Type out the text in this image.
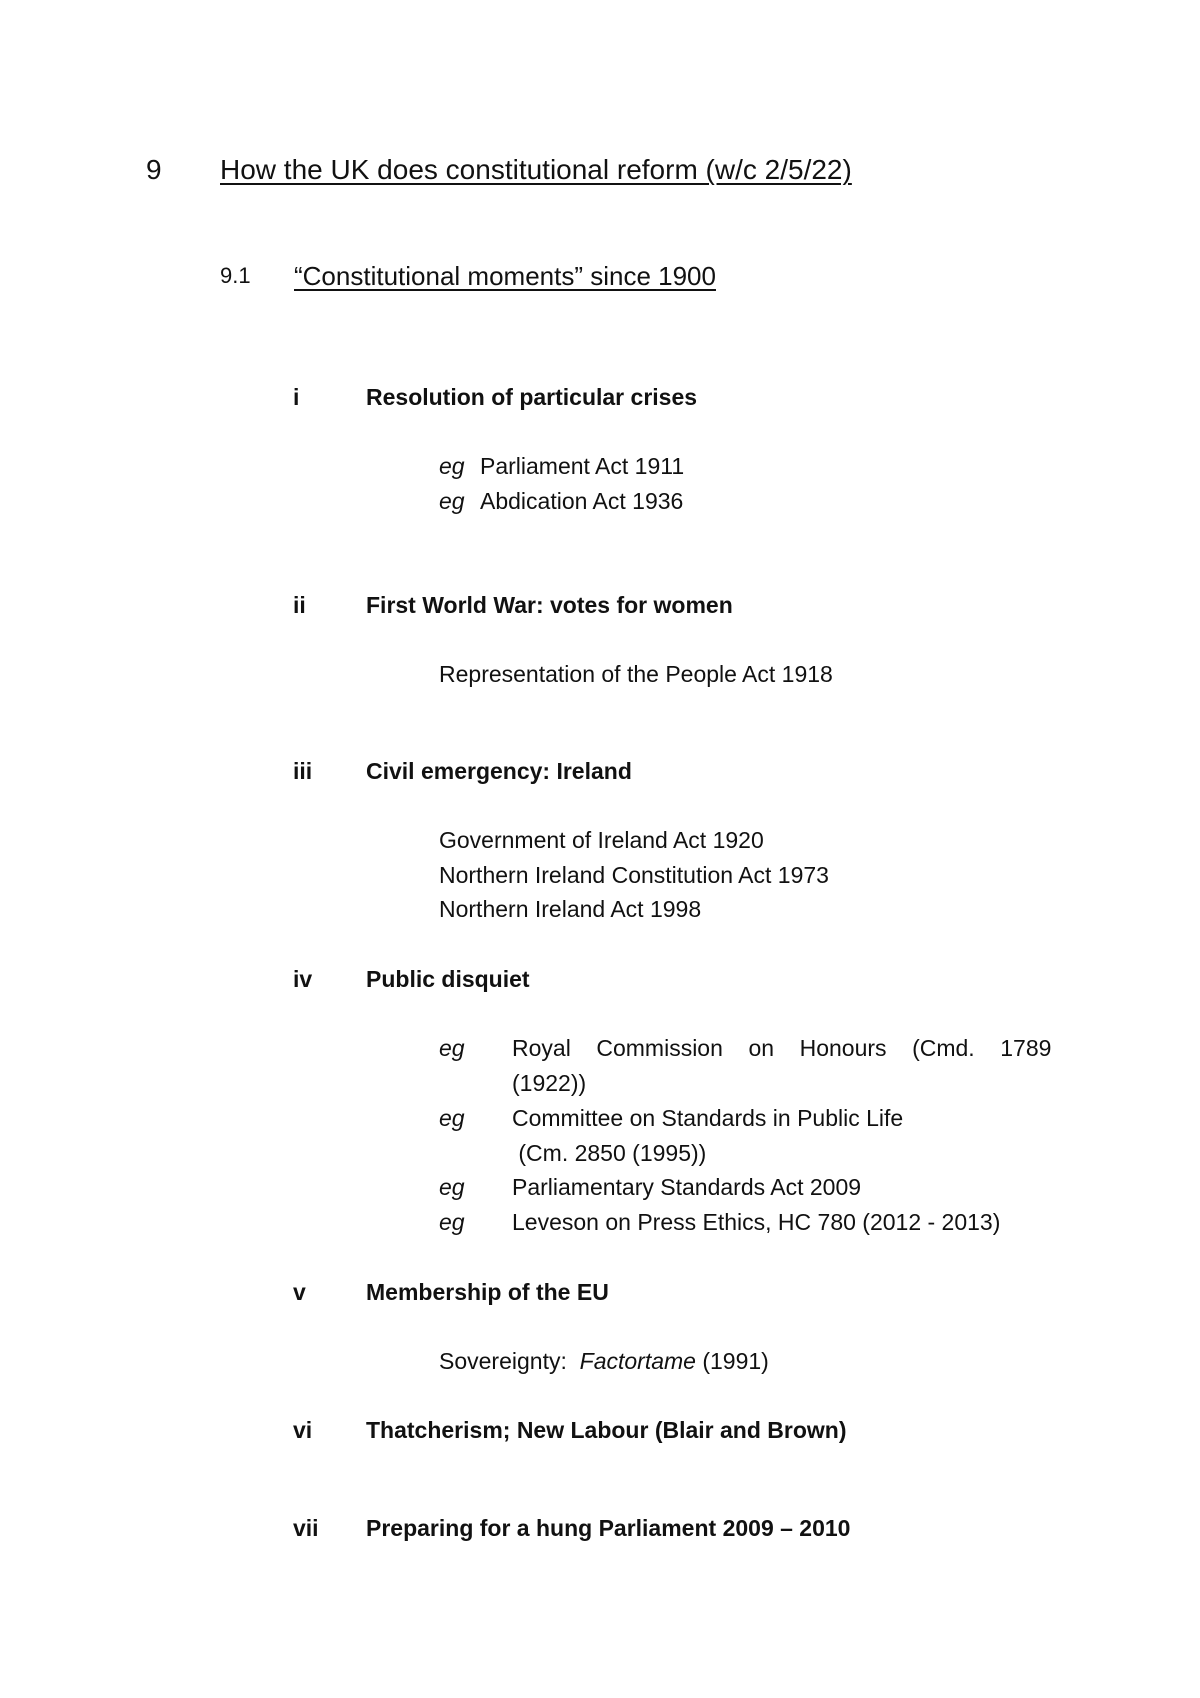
9 How the UK does constitutional reform (w/c 2/5/22)
9.1 “Constitutional moments” since 1900
i	Resolution of particular crises
eg Parliament Act 1911
eg Abdication Act 1936
ii	First World War: votes for women
Representation of the People Act 1918
iii Civil emergency: Ireland
Government of Ireland Act 1920
Northern Ireland Constitution Act 1973
Northern Ireland Act 1998
iv Public disquiet
eg Royal    Commission    on    Honours    (Cmd.    1789
(1922))
eg Committee on Standards in Public Life
(Cm. 2850 (1995))
eg Parliamentary Standards Act 2009
eg Leveson on Press Ethics, HC 780 (2012 - 2013)
v	Membership of the EU
Sovereignty:  Factortame (1991)
vi Thatcherism; New Labour (Blair and Brown)
vii Preparing for a hung Parliament 2009 – 2010
